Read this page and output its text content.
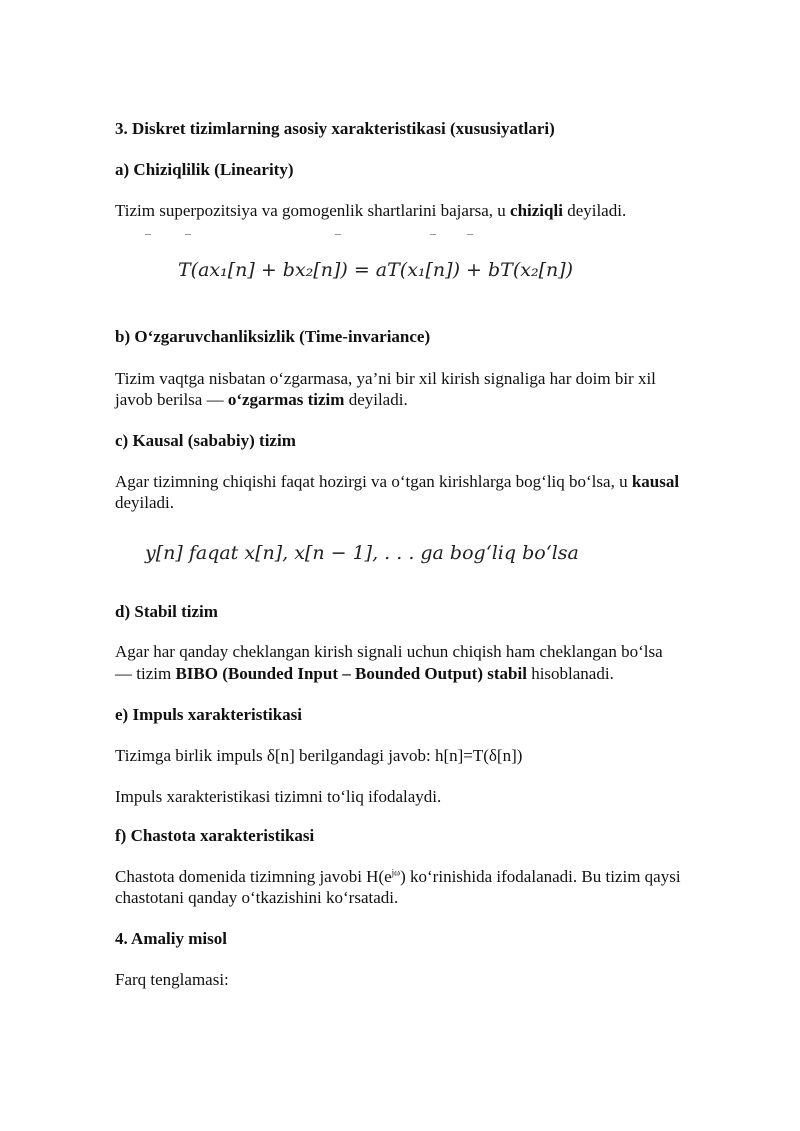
3. Diskret tizimlarning asosiy xarakteristikasi (xususiyatlari)
a) Chiziqlilik (Linearity)

Tizim superpozitsiya va gomogenlik shartlarini bajarsa, u chiziqli deyiladi.

T(ax₁[n] + bx₂[n]) = aT(x₁[n]) + bT(x₂[n])
b) O‘zgaruvchanliksizlik (Time-invariance)

Tizim vaqtga nisbatan o‘zgarmasa, ya’ni bir xil kirish signaliga har doim bir xil

javob berilsa — o‘zgarmas tizim deyiladi.

c) Kausal (sababiy) tizim

Agar tizimning chiqishi faqat hozirgi va o‘tgan kirishlarga bog‘liq bo‘lsa, u kausal

deyiladi.

y[n] faqat x[n], x[n − 1], . . . ga bog‘liq bo‘lsa
d) Stabil tizim

Agar har qanday cheklangan kirish signali uchun chiqish ham cheklangan bo‘lsa

— tizim BIBO (Bounded Input – Bounded Output) stabil hisoblanadi.

e) Impuls xarakteristikasi

Tizimga birlik impuls δ[n] berilgandagi javob: h[n]=T(δ[n])

Impuls xarakteristikasi tizimni to‘liq ifodalaydi.

f) Chastota xarakteristikasi

Chastota domenida tizimning javobi $H(e^{j\omega})$ ko‘rinishida ifodalanadi. Bu tizim qaysi

chastotani qanday o‘tkazishini ko‘rsatadi.

4. Amaliy misol

Farq tenglamasi:
